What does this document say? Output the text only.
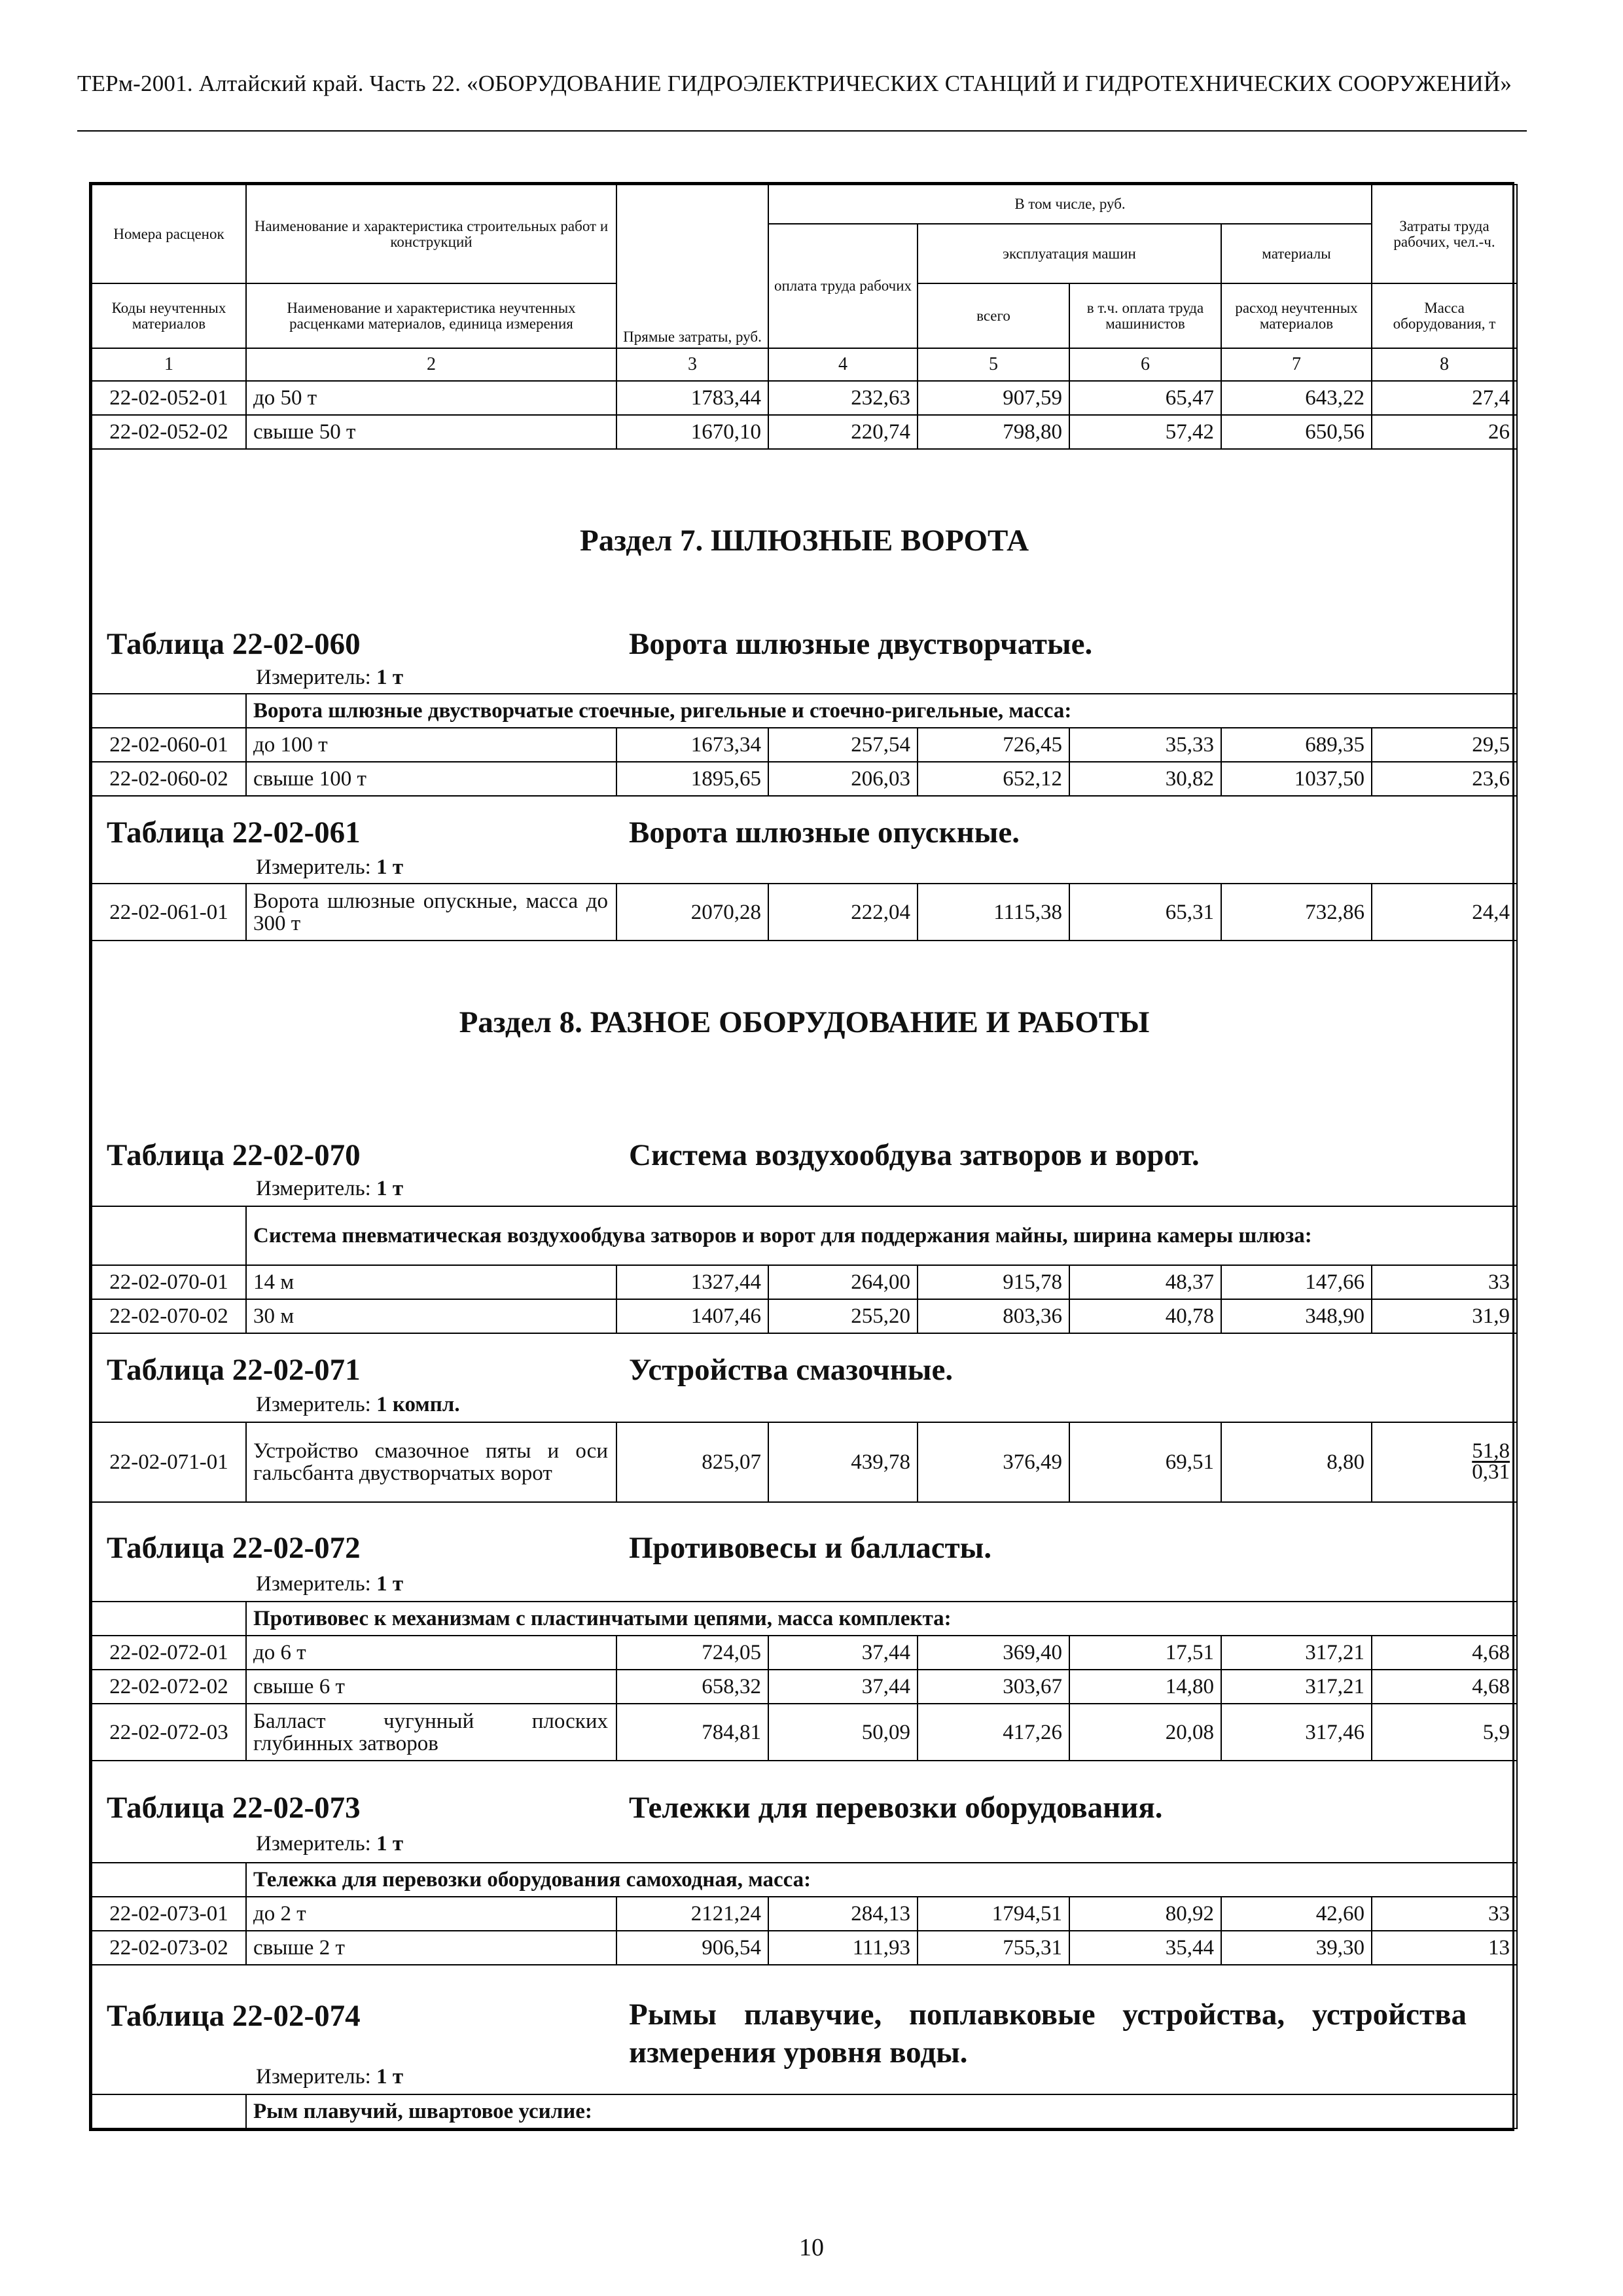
ТЕРм-2001. Алтайский край. Часть 22. «ОБОРУДОВАНИЕ ГИДРОЭЛЕКТРИЧЕСКИХ СТАНЦИЙ И ГИДРОТЕХНИЧЕСКИХ СООРУЖЕНИЙ»
Номера расценок	Наименование и характеристика строительных работ и конструкций	Прямые затраты, руб.	В том числе, руб.				Затраты труда рабочих, чел.-ч.
			оплата труда рабочих	эксплуатация машин		материалы	
Коды неучтенных материалов	Наименование и характеристика неучтенных расценками материалов, единица измерения			всего	в т.ч. оплата труда машинистов	расход неучтенных материалов	Масса оборудования, т
1	2	3	4	5	6	7	8
22-02-052-01	до 50 т	1783,44	232,63	907,59	65,47	643,22	27,4
22-02-052-02	свыше 50 т	1670,10	220,74	798,80	57,42	650,56	26
Раздел 7. ШЛЮЗНЫЕ ВОРОТА							

Таблица 22-02-060 Ворота шлюзные двустворчатые.
Измеритель: 1 т							

	Ворота шлюзные двустворчатые стоечные, ригельные и стоечно-ригельные, масса:						
22-02-060-01	до 100 т	1673,34	257,54	726,45	35,33	689,35	29,5
22-02-060-02	свыше 100 т	1895,65	206,03	652,12	30,82	1037,50	23,6

Таблица 22-02-061 Ворота шлюзные опускные.
Измеритель: 1 т							

22-02-061-01	Ворота шлюзные опускные, масса до 300 т	2070,28	222,04	1115,38	65,31	732,86	24,4
Раздел 8. РАЗНОЕ ОБОРУДОВАНИЕ И РАБОТЫ							

Таблица 22-02-070 Система воздухообдува затворов и ворот.
Измеритель: 1 т							

	Система пневматическая воздухообдува затворов и ворот для поддержания майны, ширина камеры шлюза:						
22-02-070-01	14 м	1327,44	264,00	915,78	48,37	147,66	33
22-02-070-02	30 м	1407,46	255,20	803,36	40,78	348,90	31,9

Таблица 22-02-071 Устройства смазочные.
Измеритель: 1 компл.							

22-02-071-01	Устройство смазочное пяты и оси гальсбанта двустворчатых ворот	825,07	439,78	376,49	69,51	8,80	$\frac{51,8}{0,31}$

Таблица 22-02-072 Противовесы и балласты.
Измеритель: 1 т							

	Противовес к механизмам с пластинчатыми цепями, масса комплекта:						
22-02-072-01	до 6 т	724,05	37,44	369,40	17,51	317,21	4,68
22-02-072-02	свыше 6 т	658,32	37,44	303,67	14,80	317,21	4,68
22-02-072-03	Балласт чугунный плоских глубинных затворов	784,81	50,09	417,26	20,08	317,46	5,9

Таблица 22-02-073 Тележки для перевозки оборудования.
Измеритель: 1 т							

	Тележка для перевозки оборудования самоходная, масса:						
22-02-073-01	до 2 т	2121,24	284,13	1794,51	80,92	42,60	33
22-02-073-02	свыше 2 т	906,54	111,93	755,31	35,44	39,30	13

Таблица 22-02-074 Рымы плавучие, поплавковые устройства, устройства измерения уровня воды.
Измеритель: 1 т							

	Рым плавучий, швартовое усилие:						
10
